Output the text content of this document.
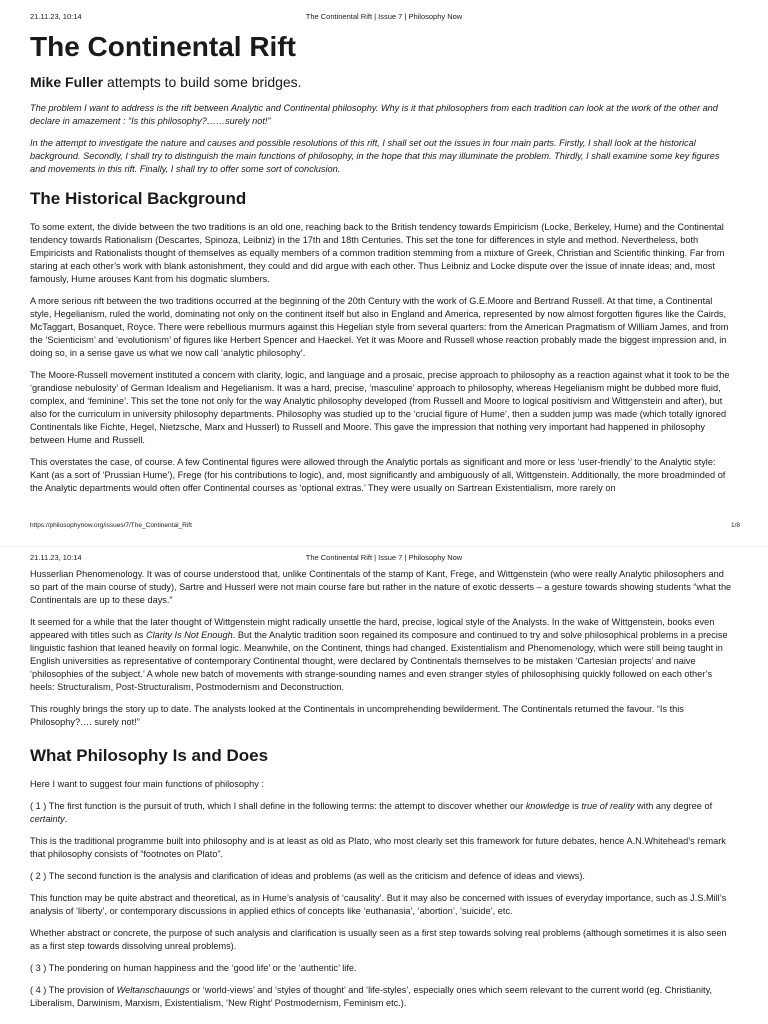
21.11.23, 10:14	The Continental Rift | Issue 7 | Philosophy Now
The Continental Rift
Mike Fuller attempts to build some bridges.

The problem I want to address is the rift between Analytic and Continental philosophy. Why is it that philosophers from each tradition can look at the work of the other and declare in amazement : “Is this philosophy?……surely not!”

In the attempt to investigate the nature and causes and possible resolutions of this rift, I shall set out the issues in four main parts. Firstly, I shall look at the historical background. Secondly, I shall try to distinguish the main functions of philosophy, in the hope that this may illuminate the problem. Thirdly, I shall examine some key figures and movements in this rift. Finally, I shall try to offer some sort of conclusion.

The Historical Background

To some extent, the divide between the two traditions is an old one, reaching back to the British tendency towards Empiricism (Locke, Berkeley, Hume) and the Continental tendency towards Rationalism (Descartes, Spinoza, Leibniz) in the 17th and 18th Centuries. This set the tone for differences in style and method. Nevertheless, both Empiricists and Rationalists thought of themselves as equally members of a common tradition stemming from a mixture of Greek, Christian and Scientific thinking. Far from staring at each other’s work with blank astonishment, they could and did argue with each other. Thus Leibniz and Locke dispute over the issue of innate ideas; and, most famously, Hume arouses Kant from his dogmatic slumbers.

A more serious rift between the two traditions occurred at the beginning of the 20th Century with the work of G.E.Moore and Bertrand Russell. At that time, a Continental style, Hegelianism, ruled the world, dominating not only on the continent itself but also in England and America, represented by now almost forgotten figures like the Cairds, McTaggart, Bosanquet, Royce. There were rebellious murmurs against this Hegelian style from several quarters: from the American Pragmatism of William James, and from the ‘Scienticism’ and ‘evolutionism’ of figures like Herbert Spencer and Haeckel. Yet it was Moore and Russell whose reaction probably made the biggest impression and, in doing so, in a sense gave us what we now call ‘analytic philosophy’.

The Moore-Russell movement instituted a concern with clarity, logic, and language and a prosaic, precise approach to philosophy as a reaction against what it took to be the ‘grandiose nebulosity’ of German Idealism and Hegelianism. It was a hard, precise, ‘masculine’ approach to philosophy, whereas Hegelianism might be dubbed more fluid, complex, and ‘feminine’. This set the tone not only for the way Analytic philosophy developed (from Russell and Moore to logical positivism and Wittgenstein and after), but also for the curriculum in university philosophy departments. Philosophy was studied up to the ‘crucial figure of Hume’, then a sudden jump was made (which totally ignored Continentals like Fichte, Hegel, Nietzsche, Marx and Husserl) to Russell and Moore. This gave the impression that nothing very important had happened in philosophy between Hume and Russell.

This overstates the case, of course. A few Continental figures were allowed through the Analytic portals as significant and more or less ‘user-friendly’ to the Analytic style: Kant (as a sort of ‘Prussian Hume’), Frege (for his contributions to logic), and, most significantly and ambiguously of all, Wittgenstein. Additionally, the more broadminded of the Analytic departments would often offer Continental courses as ‘optional extras.’ They were usually on Sartrean Existentialism, more rarely on

https://philosophynow.org/issues/7/The_Continental_Rift	1/8
21.11.23, 10:14	The Continental Rift | Issue 7 | Philosophy Now

Husserlian Phenomenology. It was of course understood that, unlike Continentals of the stamp of Kant, Frege, and Wittgenstein (who were really Analytic philosophers and so part of the main course of study), Sartre and Husserl were not main course fare but rather in the nature of exotic desserts – a gesture towards showing students “what the Continentals are up to these days.”

It seemed for a while that the later thought of Wittgenstein might radically unsettle the hard, precise, logical style of the Analysts. In the wake of Wittgenstein, books even appeared with titles such as Clarity Is Not Enough. But the Analytic tradition soon regained its composure and continued to try and solve philosophical problems in a precise linguistic fashion that leaned heavily on formal logic. Meanwhile, on the Continent, things had changed. Existentialism and Phenomenology, which were still being taught in English universities as representative of contemporary Continental thought, were declared by Continentals themselves to be mistaken ‘Cartesian projects’ and naive ‘philosophies of the subject.’ A whole new batch of movements with strange-sounding names and even stranger styles of philosophising quickly followed on each other’s heels: Structuralism, Post-Structuralism, Postmodernism and Deconstruction.

This roughly brings the story up to date. The analysts looked at the Continentals in uncomprehending bewilderment. The Continentals returned the favour. “Is this Philosophy?…. surely not!”

What Philosophy Is and Does

Here I want to suggest four main functions of philosophy :

( 1 ) The first function is the pursuit of truth, which I shall define in the following terms: the attempt to discover whether our knowledge is true of reality with any degree of certainty.

This is the traditional programme built into philosophy and is at least as old as Plato, who most clearly set this framework for future debates, hence A.N.Whitehead’s remark that philosophy consists of “footnotes on Plato”.

( 2 ) The second function is the analysis and clarification of ideas and problems (as well as the criticism and defence of ideas and views).

This function may be quite abstract and theoretical, as in Hume’s analysis of ‘causality’. But it may also be concerned with issues of everyday importance, such as J.S.Mill’s analysis of ‘liberty’, or contemporary discussions in applied ethics of concepts like ‘euthanasia’, ‘abortion’, ‘suicide’, etc.

Whether abstract or concrete, the purpose of such analysis and clarification is usually seen as a first step towards solving real problems (although sometimes it is also seen as a first step towards dissolving unreal problems).

( 3 ) The pondering on human happiness and the ‘good life’ or the ‘authentic’ life.

( 4 ) The provision of Weltanschauungs or ‘world-views’ and ‘styles of thought’ and ‘life-styles’, especially ones which seem relevant to the current world (eg. Christianity, Liberalism, Darwinism, Marxism, Existentialism, ‘New Right’ Postmodernism, Feminism etc.).
